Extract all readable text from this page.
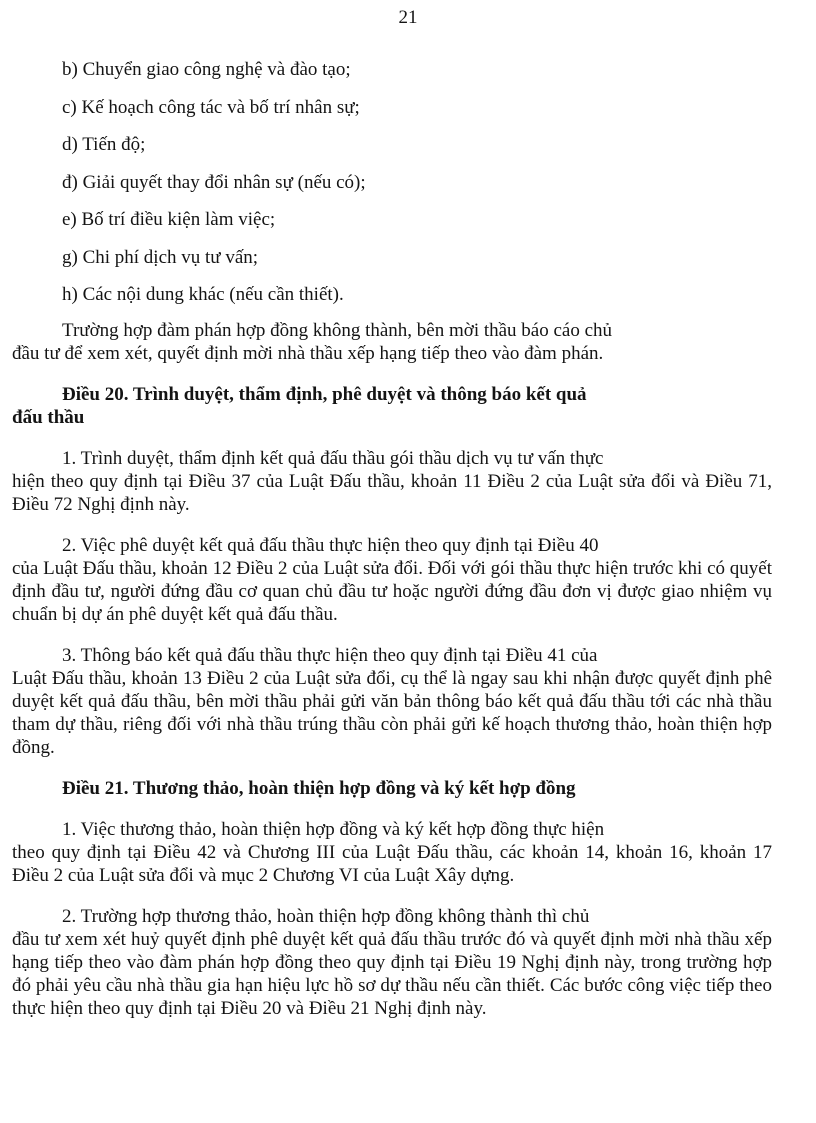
21
b) Chuyển giao công nghệ và đào tạo;
c) Kế hoạch công tác và bố trí nhân sự;
d) Tiến độ;
đ) Giải quyết thay đổi nhân sự (nếu có);
e) Bố trí điều kiện làm việc;
g) Chi phí dịch vụ tư vấn;
h) Các nội dung khác (nếu cần thiết).
Trường hợp đàm phán hợp đồng không thành, bên mời thầu báo cáo chủ
đầu tư để xem xét, quyết định mời nhà thầu xếp hạng tiếp theo vào đàm phán.
Điều 20. Trình duyệt, thẩm định, phê duyệt và thông báo kết quả
đấu thầu
1. Trình duyệt, thẩm định kết quả đấu thầu gói thầu dịch vụ tư vấn thực
hiện theo quy định tại Điều 37 của Luật Đấu thầu, khoản 11 Điều 2 của Luật sửa đổi và Điều 71, Điều 72 Nghị định này.
2. Việc phê duyệt kết quả đấu thầu thực hiện theo quy định tại Điều 40
của Luật Đấu thầu, khoản 12 Điều 2 của Luật sửa đổi. Đối với gói thầu thực hiện trước khi có quyết định đầu tư, người đứng đầu cơ quan chủ đầu tư hoặc người đứng đầu đơn vị được giao nhiệm vụ chuẩn bị dự án phê duyệt kết quả đấu thầu.
3. Thông báo kết quả đấu thầu thực hiện theo quy định tại Điều 41 của
Luật Đấu thầu, khoản 13 Điều 2 của Luật sửa đổi, cụ thể là ngay sau khi nhận được quyết định phê duyệt kết quả đấu thầu, bên mời thầu phải gửi văn bản thông báo kết quả đấu thầu tới các nhà thầu tham dự thầu, riêng đối với nhà thầu trúng thầu còn phải gửi kế hoạch thương thảo, hoàn thiện hợp đồng.
Điều 21. Thương thảo, hoàn thiện hợp đồng và ký kết hợp đồng
1. Việc thương thảo, hoàn thiện hợp đồng và ký kết hợp đồng thực hiện
theo quy định tại Điều 42 và Chương III của Luật Đấu thầu, các khoản 14, khoản 16, khoản 17 Điều 2 của Luật sửa đổi và mục 2 Chương VI của Luật Xây dựng.
2. Trường hợp thương thảo, hoàn thiện hợp đồng không thành thì chủ
đầu tư xem xét huỷ quyết định phê duyệt kết quả đấu thầu trước đó và quyết định mời nhà thầu xếp hạng tiếp theo vào đàm phán hợp đồng theo quy định tại Điều 19 Nghị định này, trong trường hợp đó phải yêu cầu nhà thầu gia hạn hiệu lực hồ sơ dự thầu nếu cần thiết. Các bước công việc tiếp theo thực hiện theo quy định tại Điều 20 và Điều 21 Nghị định này.
